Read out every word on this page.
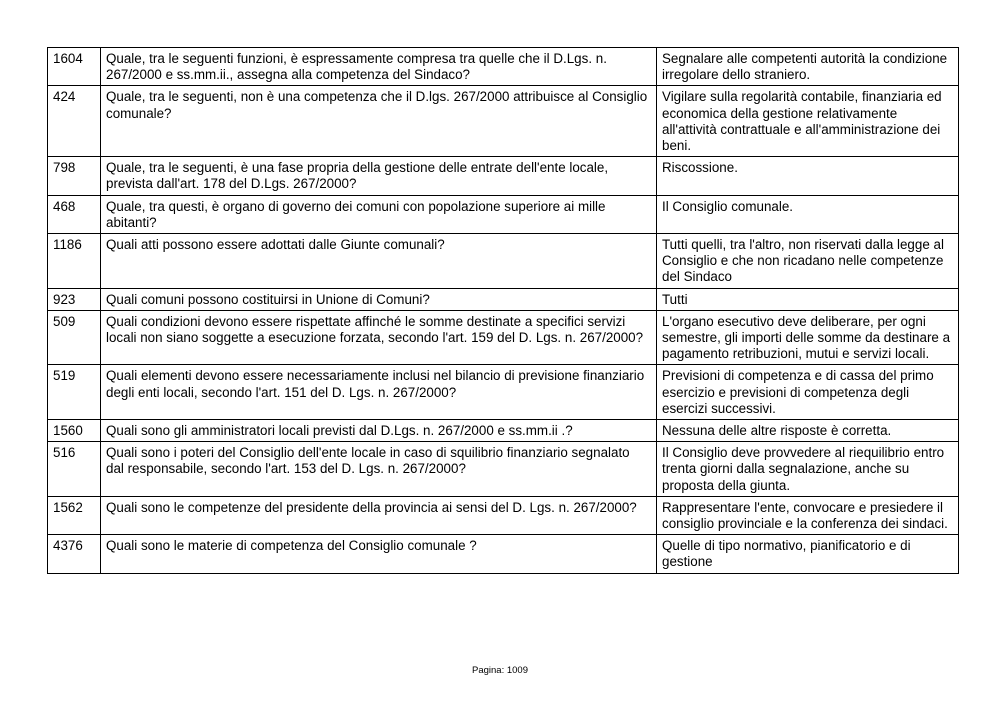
1604	Quale, tra le seguenti funzioni, è espressamente compresa tra quelle che il D.Lgs. n. 267/2000 e ss.mm.ii., assegna alla competenza del Sindaco?	Segnalare alle competenti autorità la condizione irregolare dello straniero.
424	Quale, tra le seguenti, non è una competenza che il D.lgs. 267/2000 attribuisce al Consiglio comunale?	Vigilare sulla regolarità contabile, finanziaria ed economica della gestione relativamente all'attività contrattuale e all'amministrazione dei beni.
798	Quale, tra le seguenti, è una fase propria della gestione delle entrate dell'ente locale, prevista dall'art. 178 del D.Lgs. 267/2000?	Riscossione.
468	Quale, tra questi, è organo di governo dei comuni con popolazione superiore ai mille abitanti?	Il Consiglio comunale.
1186	Quali atti possono essere adottati dalle Giunte comunali?	Tutti quelli, tra l'altro, non riservati dalla legge al Consiglio e che non ricadano nelle competenze del Sindaco
923	Quali comuni possono costituirsi in Unione di Comuni?	Tutti
509	Quali condizioni devono essere rispettate affinché le somme destinate a specifici servizi locali non siano soggette a esecuzione forzata, secondo l'art. 159 del D. Lgs. n. 267/2000?	L'organo esecutivo deve deliberare, per ogni semestre, gli importi delle somme da destinare a pagamento retribuzioni, mutui e servizi locali.
519	Quali elementi devono essere necessariamente inclusi nel bilancio di previsione finanziario degli enti locali, secondo l'art. 151 del D. Lgs. n. 267/2000?	Previsioni di competenza e di cassa del primo esercizio e previsioni di competenza degli esercizi successivi.
1560	Quali sono gli amministratori locali previsti dal D.Lgs. n. 267/2000 e ss.mm.ii .?	Nessuna delle altre risposte è corretta.
516	Quali sono i poteri del Consiglio dell'ente locale in caso di squilibrio finanziario segnalato dal responsabile, secondo l'art. 153 del D. Lgs. n. 267/2000?	Il Consiglio deve provvedere al riequilibrio entro trenta giorni dalla segnalazione, anche su proposta della giunta.
1562	Quali sono le competenze del presidente della provincia ai sensi del D. Lgs. n. 267/2000?	Rappresentare l'ente, convocare e presiedere il consiglio provinciale e la conferenza dei sindaci.
4376	Quali sono le materie di competenza del Consiglio comunale ?	Quelle di tipo normativo, pianificatorio e di gestione
Pagina: 1009
